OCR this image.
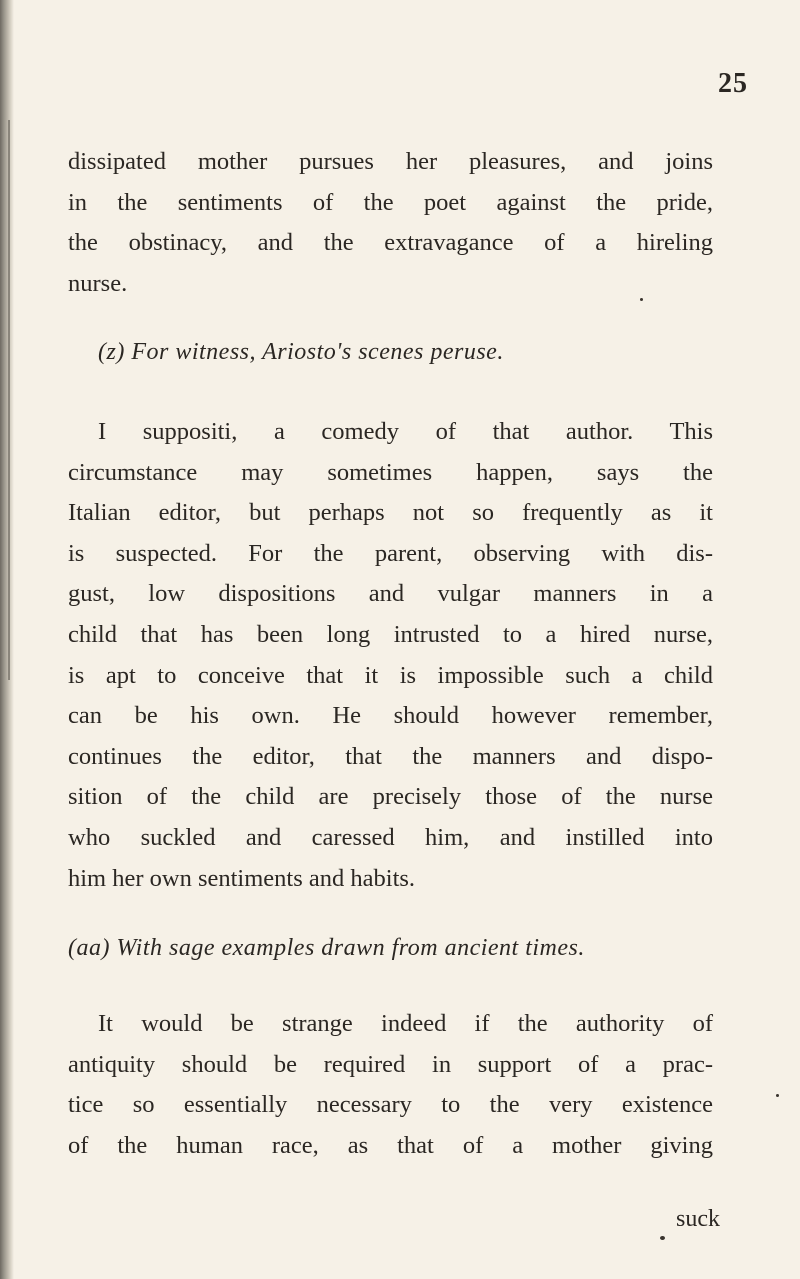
25
dissipated mother pursues her pleasures, and joins
in the sentiments of the poet against the pride,
the obstinacy, and the extravagance of a hireling
nurse.
(z) For witness, Ariosto's scenes peruse.
I suppositi, a comedy of that author. This
circumstance may sometimes happen, says the
Italian editor, but perhaps not so frequently as it
is suspected. For the parent, observing with dis-
gust, low dispositions and vulgar manners in a
child that has been long intrusted to a hired nurse,
is apt to conceive that it is impossible such a child
can be his own. He should however remember,
continues the editor, that the manners and dispo-
sition of the child are precisely those of the nurse
who suckled and caressed him, and instilled into
him her own sentiments and habits.
(aa) With sage examples drawn from ancient times.
It would be strange indeed if the authority of
antiquity should be required in support of a prac-
tice so essentially necessary to the very existence
of the human race, as that of a mother giving
suck
